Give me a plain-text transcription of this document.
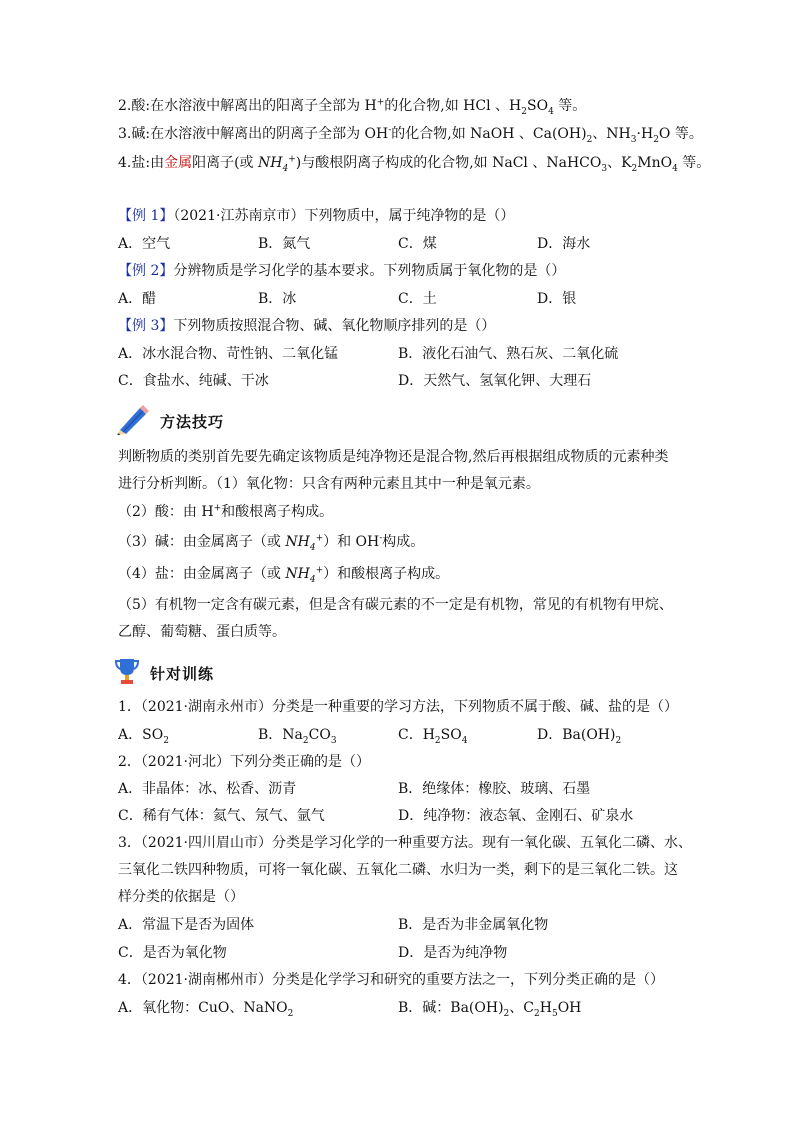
2.酸:在水溶液中解离出的阳离子全部为 H+的化合物,如 HCl 、$H_2SO_4$ 等。
3.碱:在水溶液中解离出的阴离子全部为 OH-的化合物,如 NaOH 、$Ca(OH)_2$、$NH_3\cdot H_2O$ 等。
4.盐:由金属阳离子(或 $NH_4^+$)与酸根阴离子构成的化合物,如 NaCl 、NaHCO$_3$、$K_2MnO_4$ 等。
【例 1】（2021·江苏南京市）下列物质中，属于纯净物的是（）
A．空气	B．氮气	C．煤	D．海水
【例 2】分辨物质是学习化学的基本要求。下列物质属于氧化物的是（）
A．醋	B．冰	C．土	D．银
【例 3】下列物质按照混合物、碱、氧化物顺序排列的是（）
A．冰水混合物、苛性钠、二氧化锰	B．液化石油气、熟石灰、二氧化硫
C．食盐水、纯碱、干冰	D．天然气、氢氧化钾、大理石
方法技巧
判断物质的类别首先要先确定该物质是纯净物还是混合物,然后再根据组成物质的元素种类
进行分析判断。（1）氧化物：只含有两种元素且其中一种是氧元素。
（2）酸：由 H+和酸根离子构成。
（3）碱：由金属离子（或 $NH_4^+$）和 OH-构成。
（4）盐：由金属离子（或 $NH_4^+$）和酸根离子构成。
（5）有机物一定含有碳元素，但是含有碳元素的不一定是有机物，常见的有机物有甲烷、
乙醇、葡萄糖、蛋白质等。
针对训练
1．（2021·湖南永州市）分类是一种重要的学习方法，下列物质不属于酸、碱、盐的是（）
A．$SO_2$	B．$Na_2CO_3$	C．$H_2SO_4$	D．$Ba(OH)_2$
2．（2021·河北）下列分类正确的是（）
A．非晶体：冰、松香、沥青	B．绝缘体：橡胶、玻璃、石墨
C．稀有气体：氦气、氖气、氩气	D．纯净物：液态氧、金刚石、矿泉水
3．（2021·四川眉山市）分类是学习化学的一种重要方法。现有一氧化碳、五氧化二磷、水、
三氧化二铁四种物质，可将一氧化碳、五氧化二磷、水归为一类，剩下的是三氧化二铁。这
样分类的依据是（）
A．常温下是否为固体	B．是否为非金属氧化物
C．是否为氧化物	D．是否为纯净物
4．（2021·湖南郴州市）分类是化学学习和研究的重要方法之一，下列分类正确的是（）
A．氧化物：CuO、NaNO$_2$	B．碱：$Ba(OH)_2$、$C_2H_5OH$
